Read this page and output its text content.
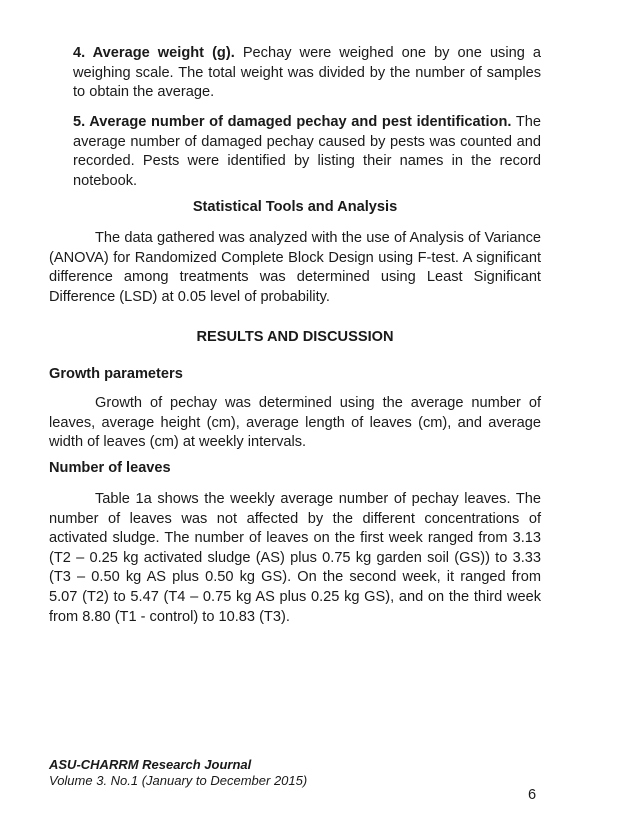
4. Average weight (g). Pechay were weighed one by one using a weighing scale. The total weight was divided by the number of samples to obtain the average.
5. Average number of damaged pechay and pest identification. The average number of damaged pechay caused by pests was counted and recorded. Pests were identified by listing their names in the record notebook.
Statistical Tools and Analysis
The data gathered was analyzed with the use of Analysis of Variance (ANOVA) for Randomized Complete Block Design using F-test. A significant difference among treatments was determined using Least Significant Difference (LSD) at 0.05 level of probability.
RESULTS AND DISCUSSION
Growth parameters
Growth of pechay was determined using the average number of leaves, average height (cm), average length of leaves (cm), and average width of leaves (cm) at weekly intervals.
Number of leaves
Table 1a shows the weekly average number of pechay leaves. The number of leaves was not affected by the different concentrations of activated sludge. The number of leaves on the first week ranged from 3.13 (T2 – 0.25 kg activated sludge (AS) plus 0.75 kg garden soil (GS)) to 3.33 (T3 – 0.50 kg AS plus 0.50 kg GS). On the second week, it ranged from 5.07 (T2) to 5.47 (T4 – 0.75 kg AS plus 0.25 kg GS), and on the third week from 8.80 (T1 - control) to 10.83 (T3).
ASU-CHARRM Research Journal
Volume 3. No.1 (January to December 2015)
6
